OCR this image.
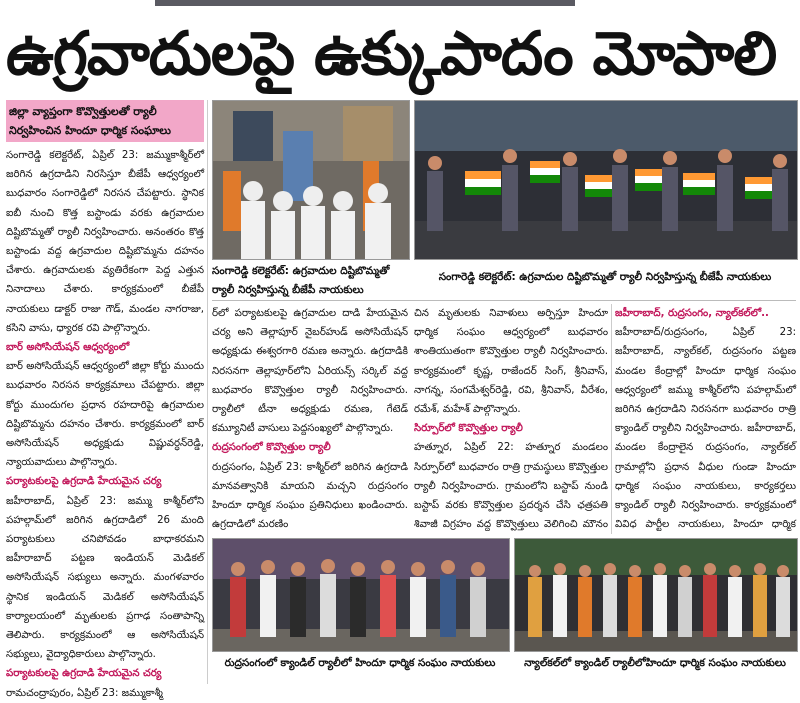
ఉగ్రవాదులపై ఉక్కుపాదం మోపాలి
జిల్లా వ్యాప్తంగా కొవ్వొత్తులతో ర్యాలీ
నిర్వహించిన హిందూ ధార్మిక సంఘాలు

సంగారెడ్డి కలెక్టరేట్, ఏప్రిల్ 23: జమ్ముకాశ్మీర్‌లో జరిగిన ఉగ్రదాడిని నిరసిస్తూ బీజేపీ ఆధ్వర్యంలో బుధవారం సంగారెడ్డిలో నిరసన చేపట్టారు. స్థానిక ఐబీ నుంచి కొత్త బస్టాండు వరకు ఉగ్రవాదుల దిష్టిబొమ్మతో ర్యాలీ నిర్వహించారు. అనంతరం కొత్త బస్టాండు వద్ద ఉగ్రవాదుల దిష్టిబొమ్మను దహనం చేశారు. ఉగ్రవాదులకు వ్యతిరేకంగా పెద్ద ఎత్తున నినాదాలు చేశారు. కార్యక్రమంలో బీజేపీ నాయకులు డాక్టర్ రాజు గౌడ్, మండల నాగరాజు, కసిని వాసు, ధ్యారక రవి పాల్గొన్నారు.

బార్ అసోసియేషన్ ఆధ్వర్యంలో

బార్ అసోసియేషన్ ఆధ్వర్యంలో జిల్లా కోర్టు ముందు బుధవారం నిరసన కార్యక్రమాలు చేపట్టారు. జిల్లా కోర్టు ముందుగల ప్రధాన రహదారిపై ఉగ్రవాదుల దిష్టిబొమ్మను దహనం చేశారు. కార్యక్రమంలో బార్ అసోసియేషన్ అధ్యక్షుడు విష్ణువర్ధన్‌రెడ్డి, న్యాయవాదులు పాల్గొన్నారు.

పర్యాటకులపై ఉగ్రదాడి హేయమైన చర్య

జహీరాబాద్, ఏప్రిల్ 23: జమ్ము కాశ్మీర్‌లోని పహల్గామ్‌లో జరిగిన ఉగ్రదాడిలో 26 మంది పర్యాటకులు చనిపోవడం బాధాకరమని జహీరాబాద్ పట్టణ ఇండియన్ మెడికల్ అసోసియేషన్ సభ్యులు అన్నారు. మంగళవారం స్థానిక ఇండియన్ మెడికల్ అసోసియేషన్ కార్యాలయంలో మృతులకు ప్రగాఢ సంతాపాన్ని తెలిపారు. కార్యక్రమంలో ఆ అసోసియేషన్ సభ్యులు, వైద్యాధికారులు పాల్గొన్నారు.

పర్యాటకులపై ఉగ్రదాడి హేయమైన చర్య

రామచంద్రాపురం, ఏప్రిల్ 23: జమ్ముకాశ్మీ

సంగారెడ్డి కలెక్టరేట్: ఉగ్రవాదుల దిష్టిబొమ్మతో ర్యాలీ నిర్వహిస్తున్న బీజేపీ నాయకులు
సంగారెడ్డి కలెక్టరేట్: ఉగ్రవాదుల దిష్టిబొమ్మతో ర్యాలీ నిర్వహిస్తున్న బీజేపీ నాయకులు

ర్‌లో పర్యాటకులపై ఉగ్రవాదుల దాడి హేయమైన చర్య అని తెల్లాపూర్ నైబర్‌హుడ్ అసోసియేషన్ అధ్యక్షుడు ఈశ్వరగారి రమణ అన్నారు. ఉగ్రదాడికి నిరసనగా తెల్లాపూర్‌లోని ఏరియన్స్ సర్కిల్ వద్ద బుధవారం కొవ్వొత్తుల ర్యాలీ నిర్వహించారు. ర్యాలీలో టీనా అధ్యక్షుడు రమణ, గేటెడ్ కమ్యూనిటీ వాసులు పెద్దసంఖ్యలో పాల్గొన్నారు.

రుద్రసంగంలో కొవ్వొత్తుల ర్యాలీ

రుద్రసంగం, ఏప్రిల్ 23: కాశ్మీర్‌లో జరిగిన ఉగ్రదాడి మానవత్వానికి మాయని మచ్చని రుద్రసంగం హిందూ ధార్మిక సంఘం ప్రతినిధులు ఖండించారు. ఉగ్రదాడిలో మరణిం

చిన మృతులకు నివాళులు అర్పిస్తూ హిందూ ధార్మిక సంఘం ఆధ్వర్యంలో బుధవారం శాంతియుతంగా కొవ్వొత్తుల ర్యాలీ నిర్వహించారు. కార్యక్రమంలో కృష్ణ, రాజేందర్ సింగ్, శ్రీనివాస్, నాగన్న, సంగమేశ్వర్‌రెడ్డి, రవి, శ్రీనివాస్, వీరేశం, రమేశ్, మహేశ్ పాల్గొన్నారు.

సిర్పూర్‌లో కొవ్వొత్తుల ర్యాలీ

హత్నూర, ఏప్రిల్ 22: హత్నూర మండలం సిర్పూర్‌లో బుధవారం రాత్రి గ్రామస్థులు కొవ్వొత్తుల ర్యాలీ నిర్వహించారు. గ్రామంలోని బస్టాప్ నుండి బస్టాప్ వరకు కొవ్వొత్తుల ప్రదర్శన చేసి ఛత్రపతి శివాజీ విగ్రహం వద్ద కొవ్వొత్తులు వెలిగించి మౌనం

జహీరాబాద్, రుద్రసంగం, న్యాల్‌కల్‌లో..

జహీరాబాద్/రుద్రసంగం, ఏప్రిల్ 23: జహీరాబాద్, న్యాల్‌కల్, రుద్రసంగం పట్టణ మండల కేంద్రాల్లో హిందూ ధార్మిక సంఘం ఆధ్వర్యంలో జమ్ము కాశ్మీర్‌లోని పహల్గామ్‌లో జరిగిన ఉగ్రదాడిని నిరసనగా బుధవారం రాత్రి క్యాండిల్ ర్యాలీని నిర్వహించారు. జహీరాబాద్, మండల కేంద్రాలైన రుద్రసంగం, న్యాల్‌కల్ గ్రామాల్లోని ప్రధాన వీధుల గుండా హిందూ ధార్మిక సంఘం నాయకులు, కార్యకర్తలు క్యాండిల్ ర్యాలీ నిర్వహించారు. కార్యక్రమంలో వివిధ పార్టీల నాయకులు, హిందూ ధార్మిక

రుద్రసంగంలో క్యాండిల్ ర్యాలీలో హిందూ ధార్మిక సంఘం నాయకులు	న్యాల్‌కల్‌లో క్యాండిల్ ర్యాలీలోహిందూ ధార్మిక సంఘం నాయకులు
